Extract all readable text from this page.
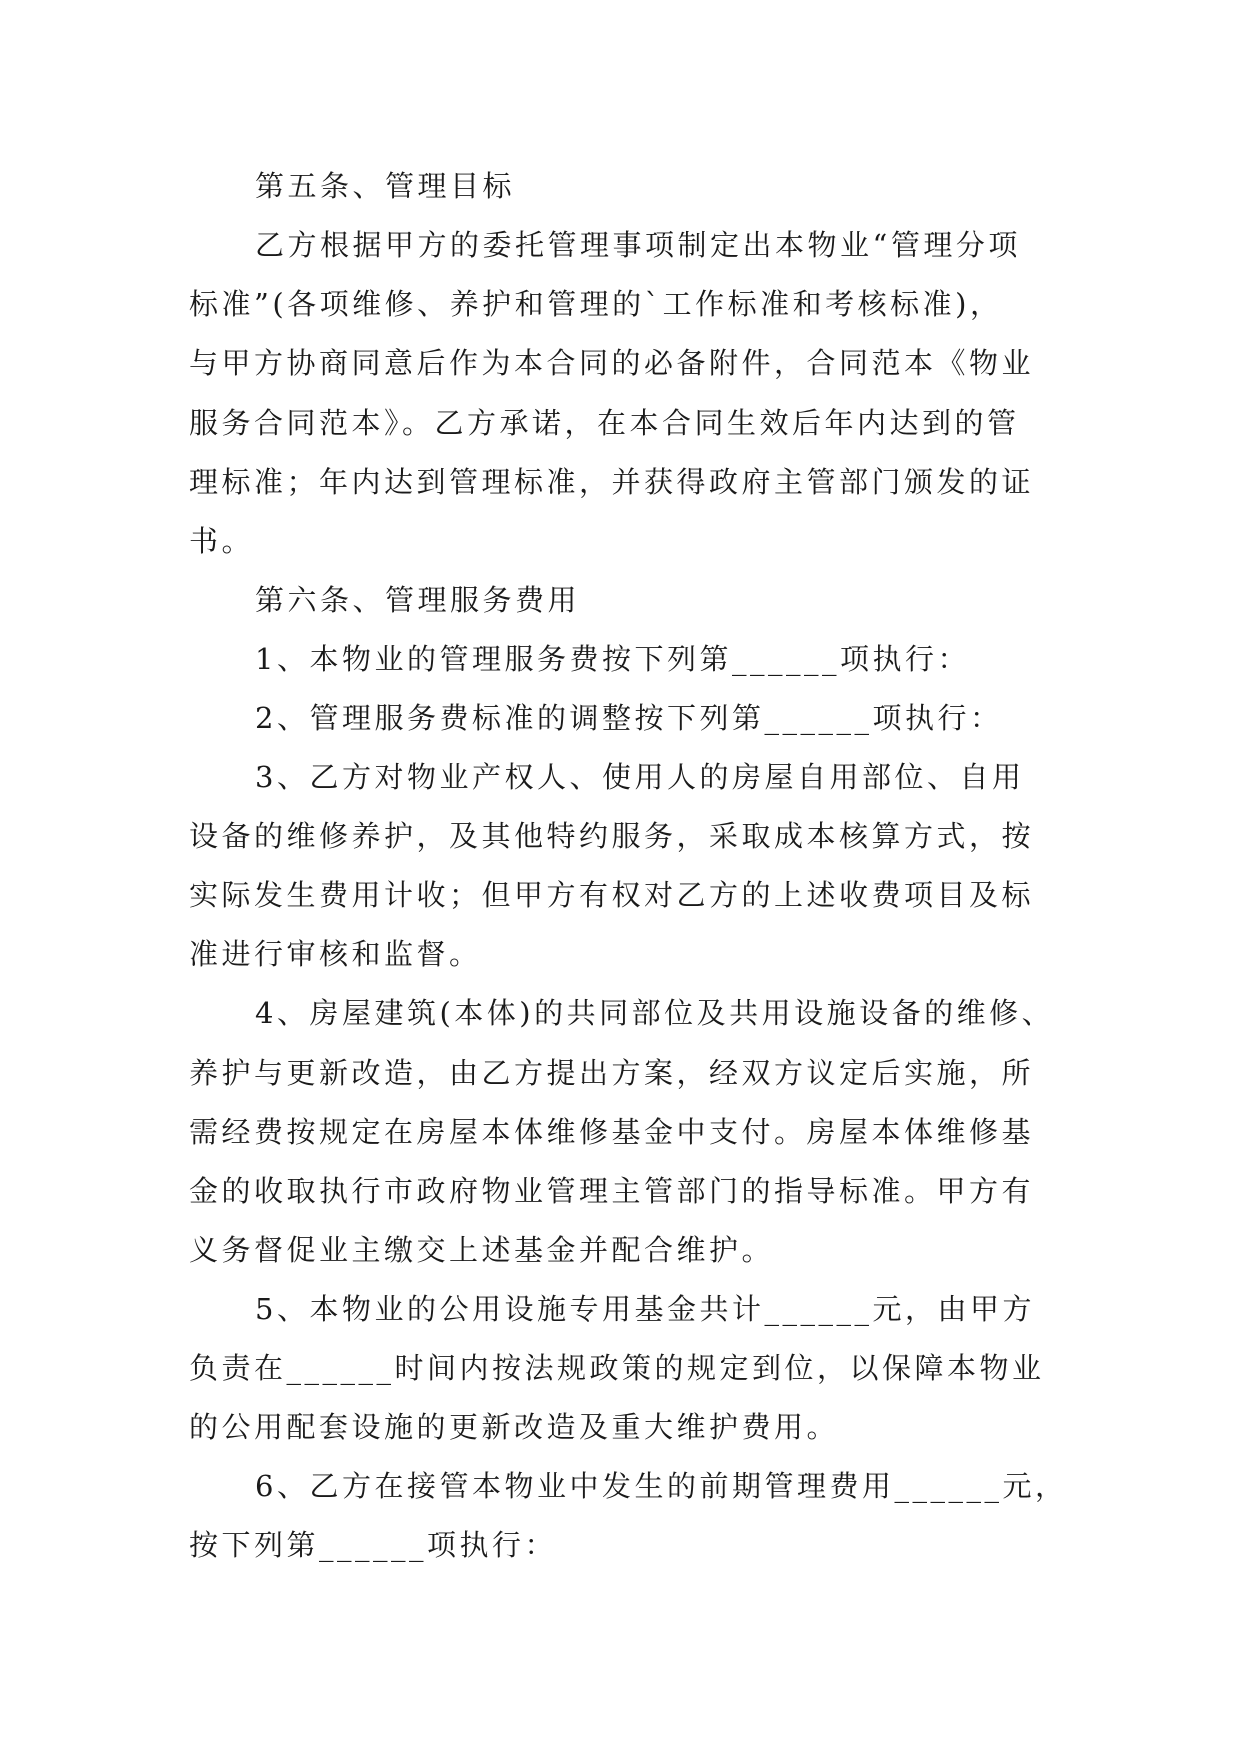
第五条、管理目标
乙方根据甲方的委托管理事项制定出本物业“管理分项
标准”(各项维修、养护和管理的`工作标准和考核标准)，
与甲方协商同意后作为本合同的必备附件，合同范本《物业
服务合同范本》。乙方承诺，在本合同生效后年内达到的管
理标准；年内达到管理标准，并获得政府主管部门颁发的证
书。
第六条、管理服务费用
1、本物业的管理服务费按下列第______项执行：
2、管理服务费标准的调整按下列第______项执行：
3、乙方对物业产权人、使用人的房屋自用部位、自用
设备的维修养护，及其他特约服务，采取成本核算方式，按
实际发生费用计收；但甲方有权对乙方的上述收费项目及标
准进行审核和监督。
4、房屋建筑(本体)的共同部位及共用设施设备的维修、
养护与更新改造，由乙方提出方案，经双方议定后实施，所
需经费按规定在房屋本体维修基金中支付。房屋本体维修基
金的收取执行市政府物业管理主管部门的指导标准。甲方有
义务督促业主缴交上述基金并配合维护。
5、本物业的公用设施专用基金共计______元，由甲方
负责在______时间内按法规政策的规定到位，以保障本物业
的公用配套设施的更新改造及重大维护费用。
6、乙方在接管本物业中发生的前期管理费用______元，
按下列第______项执行：
